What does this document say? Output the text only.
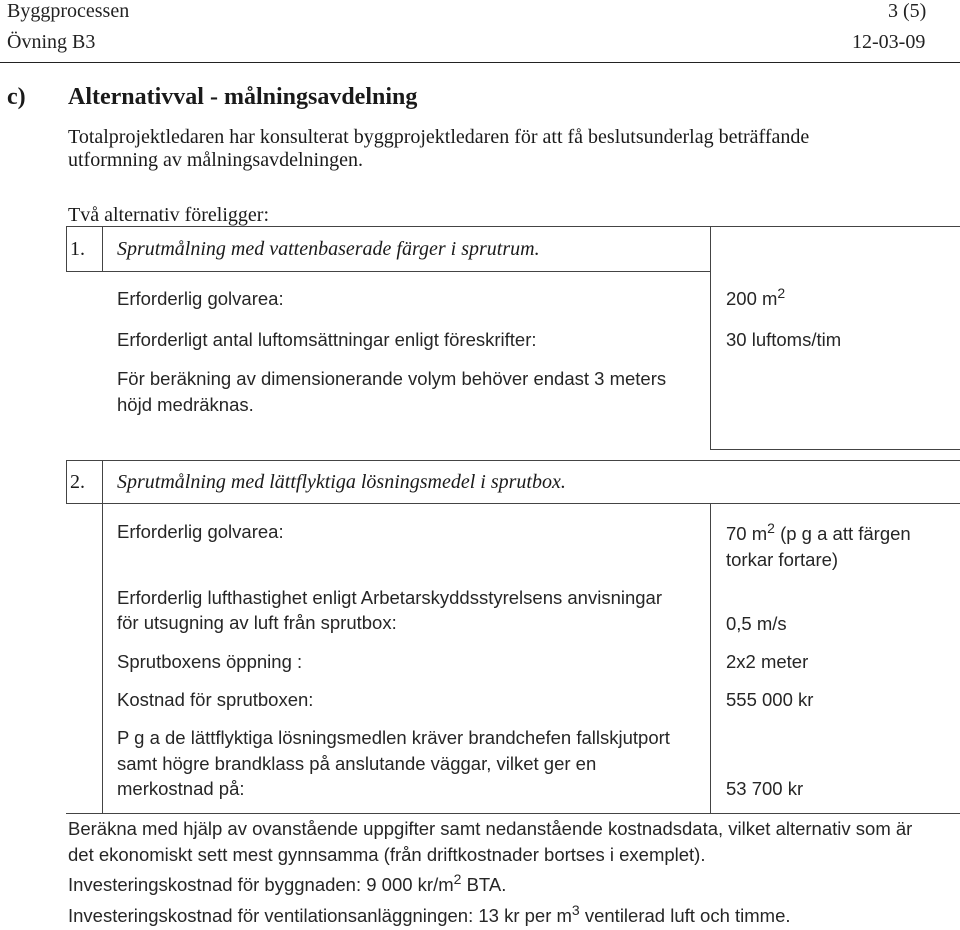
Byggprocessen	3 (5)
Övning B3	12-03-09
c) Alternativval - målningsavdelning
Totalprojektledaren har konsulterat byggprojektledaren för att få beslutsunderlag beträffande
utformning av målningsavdelningen.
Två alternativ föreligger:
1. Sprutmålning med vattenbaserade färger i sprutrum.
Erforderlig golvarea:	200 $m^2$
Erforderligt antal luftomsättningar enligt föreskrifter:	30 luftoms/tim
För beräkning av dimensionerande volym behöver endast 3 meters
höjd medräknas.
2. Sprutmålning med lättflyktiga lösningsmedel i sprutbox.
Erforderlig golvarea:	70 $m^2$ (p g a att färgen
torkar fortare)
Erforderlig lufthastighet enligt Arbetarskyddsstyrelsens anvisningar
för utsugning av luft från sprutbox:	0,5 m/s
Sprutboxens öppning :	2x2 meter
Kostnad för sprutboxen:	555 000 kr
P g a de lättflyktiga lösningsmedlen kräver brandchefen fallskjutport
samt högre brandklass på anslutande väggar, vilket ger en
merkostnad på:	53 700 kr
Beräkna med hjälp av ovanstående uppgifter samt nedanstående kostnadsdata, vilket alternativ som är
det ekonomiskt sett mest gynnsamma (från driftkostnader bortses i exemplet).
Investeringskostnad för byggnaden: 9 000 $kr/m^2$ BTA.
Investeringskostnad för ventilationsanläggningen: 13 kr per $m^3$ ventilerad luft och timme.
